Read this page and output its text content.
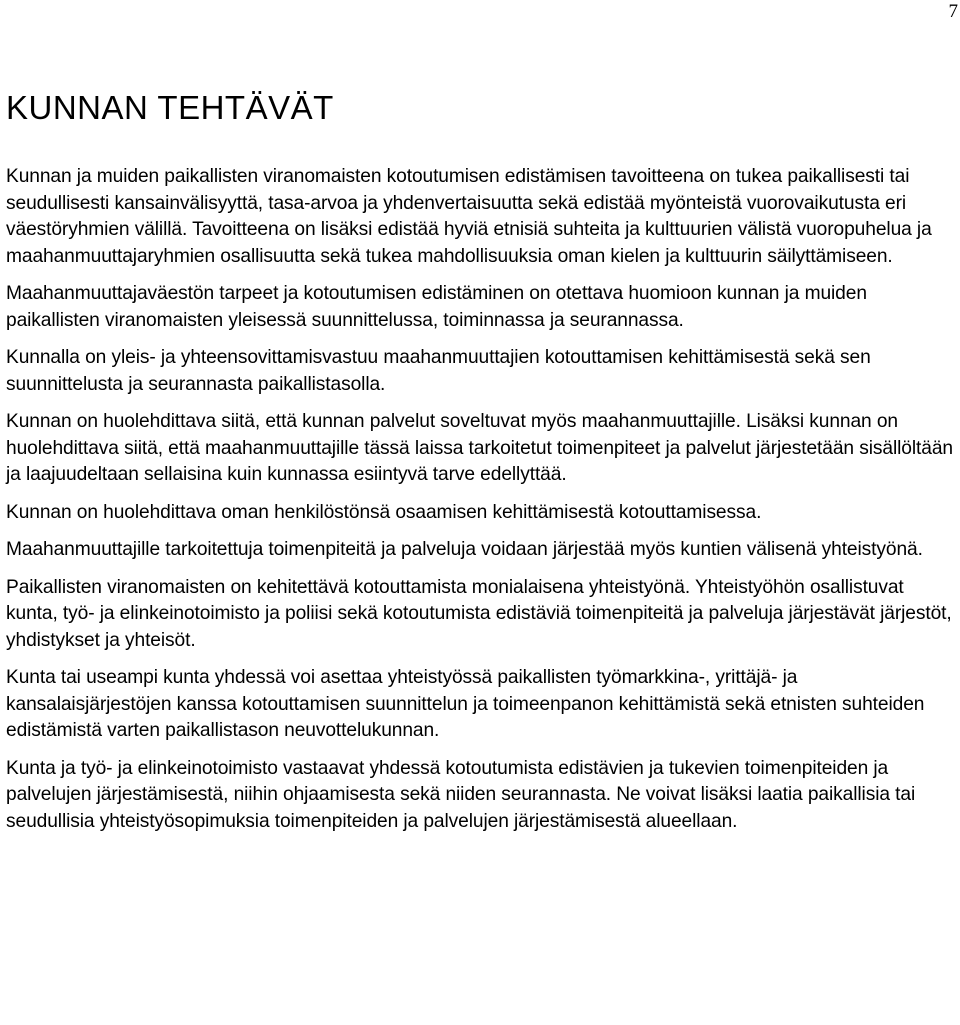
7
KUNNAN TEHTÄVÄT

Kunnan ja muiden paikallisten viranomaisten kotoutumisen edistämisen tavoitteena on tukea paikallisesti tai seudullisesti kansainvälisyyttä, tasa-arvoa ja yhdenvertaisuutta sekä edistää myönteistä vuorovaikutusta eri väestöryhmien välillä. Tavoitteena on lisäksi edistää hyviä etnisiä suhteita ja kulttuurien välistä vuoropuhelua ja maahanmuuttajaryhmien osallisuutta sekä tukea mahdollisuuksia oman kielen ja kulttuurin säilyttämiseen.

Maahanmuuttajaväestön tarpeet ja kotoutumisen edistäminen on otettava huomioon kunnan ja muiden paikallisten viranomaisten yleisessä suunnittelussa, toiminnassa ja seurannassa.

Kunnalla on yleis- ja yhteensovittamisvastuu maahanmuuttajien kotouttamisen kehittämisestä sekä sen suunnittelusta ja seurannasta paikallistasolla.

Kunnan on huolehdittava siitä, että kunnan palvelut soveltuvat myös maahanmuuttajille. Lisäksi kunnan on huolehdittava siitä, että maahanmuuttajille tässä laissa tarkoitetut toimenpiteet ja palvelut järjestetään sisällöltään ja laajuudeltaan sellaisina kuin kunnassa esiintyvä tarve edellyttää.

Kunnan on huolehdittava oman henkilöstönsä osaamisen kehittämisestä kotouttamisessa.

Maahanmuuttajille tarkoitettuja toimenpiteitä ja palveluja voidaan järjestää myös kuntien välisenä yhteistyönä.

Paikallisten viranomaisten on kehitettävä kotouttamista monialaisena yhteistyönä. Yhteistyöhön osallistuvat kunta, työ- ja elinkeinotoimisto ja poliisi sekä kotoutumista edistäviä toimenpiteitä ja palveluja järjestävät järjestöt, yhdistykset ja yhteisöt.

Kunta tai useampi kunta yhdessä voi asettaa yhteistyössä paikallisten työmarkkina-, yrittäjä- ja kansalaisjärjestöjen kanssa kotouttamisen suunnittelun ja toimeenpanon kehittämistä sekä etnisten suhteiden edistämistä varten paikallistason neuvottelukunnan.

Kunta ja työ- ja elinkeinotoimisto vastaavat yhdessä kotoutumista edistävien ja tukevien toimenpiteiden ja palvelujen järjestämisestä, niihin ohjaamisesta sekä niiden seurannasta. Ne voivat lisäksi laatia paikallisia tai seudullisia yhteistyösopimuksia toimenpiteiden ja palvelujen järjestämisestä alueellaan.
